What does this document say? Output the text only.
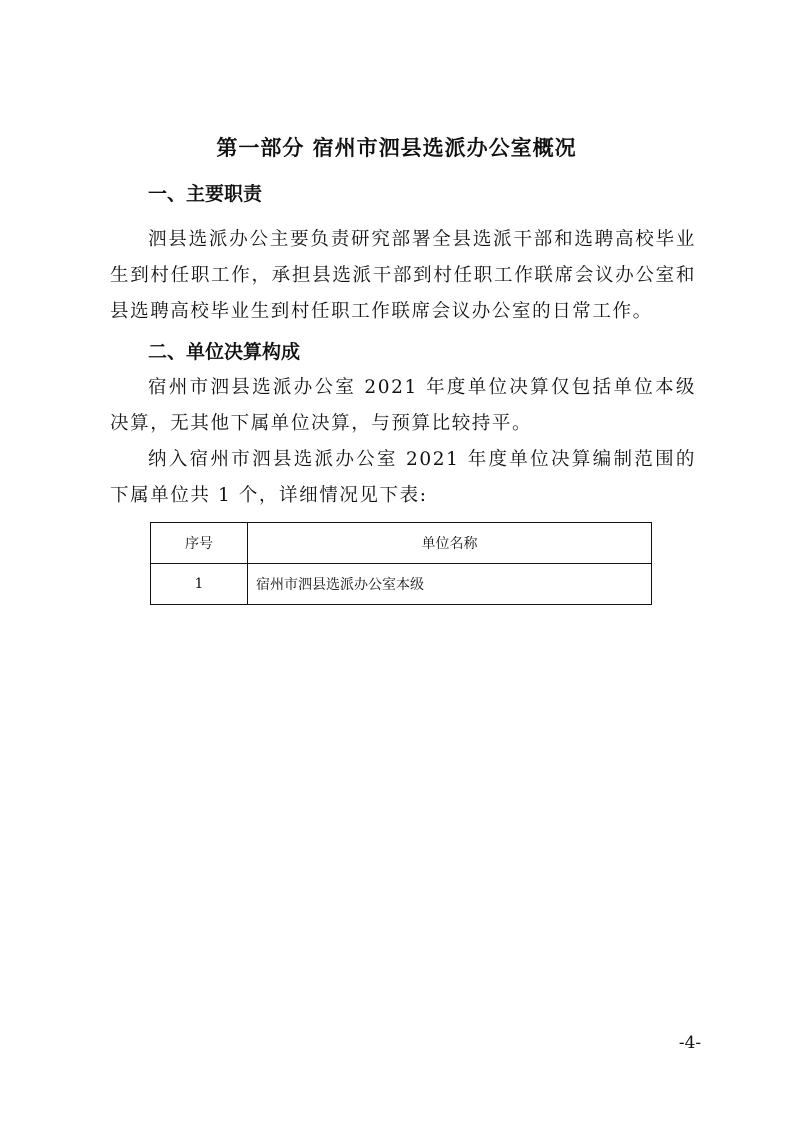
第一部分 宿州市泗县选派办公室概况
一、主要职责

泗县选派办公主要负责研究部署全县选派干部和选聘高校毕业生到村任职工作，承担县选派干部到村任职工作联席会议办公室和县选聘高校毕业生到村任职工作联席会议办公室的日常工作。

二、单位决算构成

宿州市泗县选派办公室 2021 年度单位决算仅包括单位本级决算，无其他下属单位决算，与预算比较持平。

纳入宿州市泗县选派办公室 2021 年度单位决算编制范围的下属单位共 1 个，详细情况见下表:

序号	单位名称
1	宿州市泗县选派办公室本级
-4-
